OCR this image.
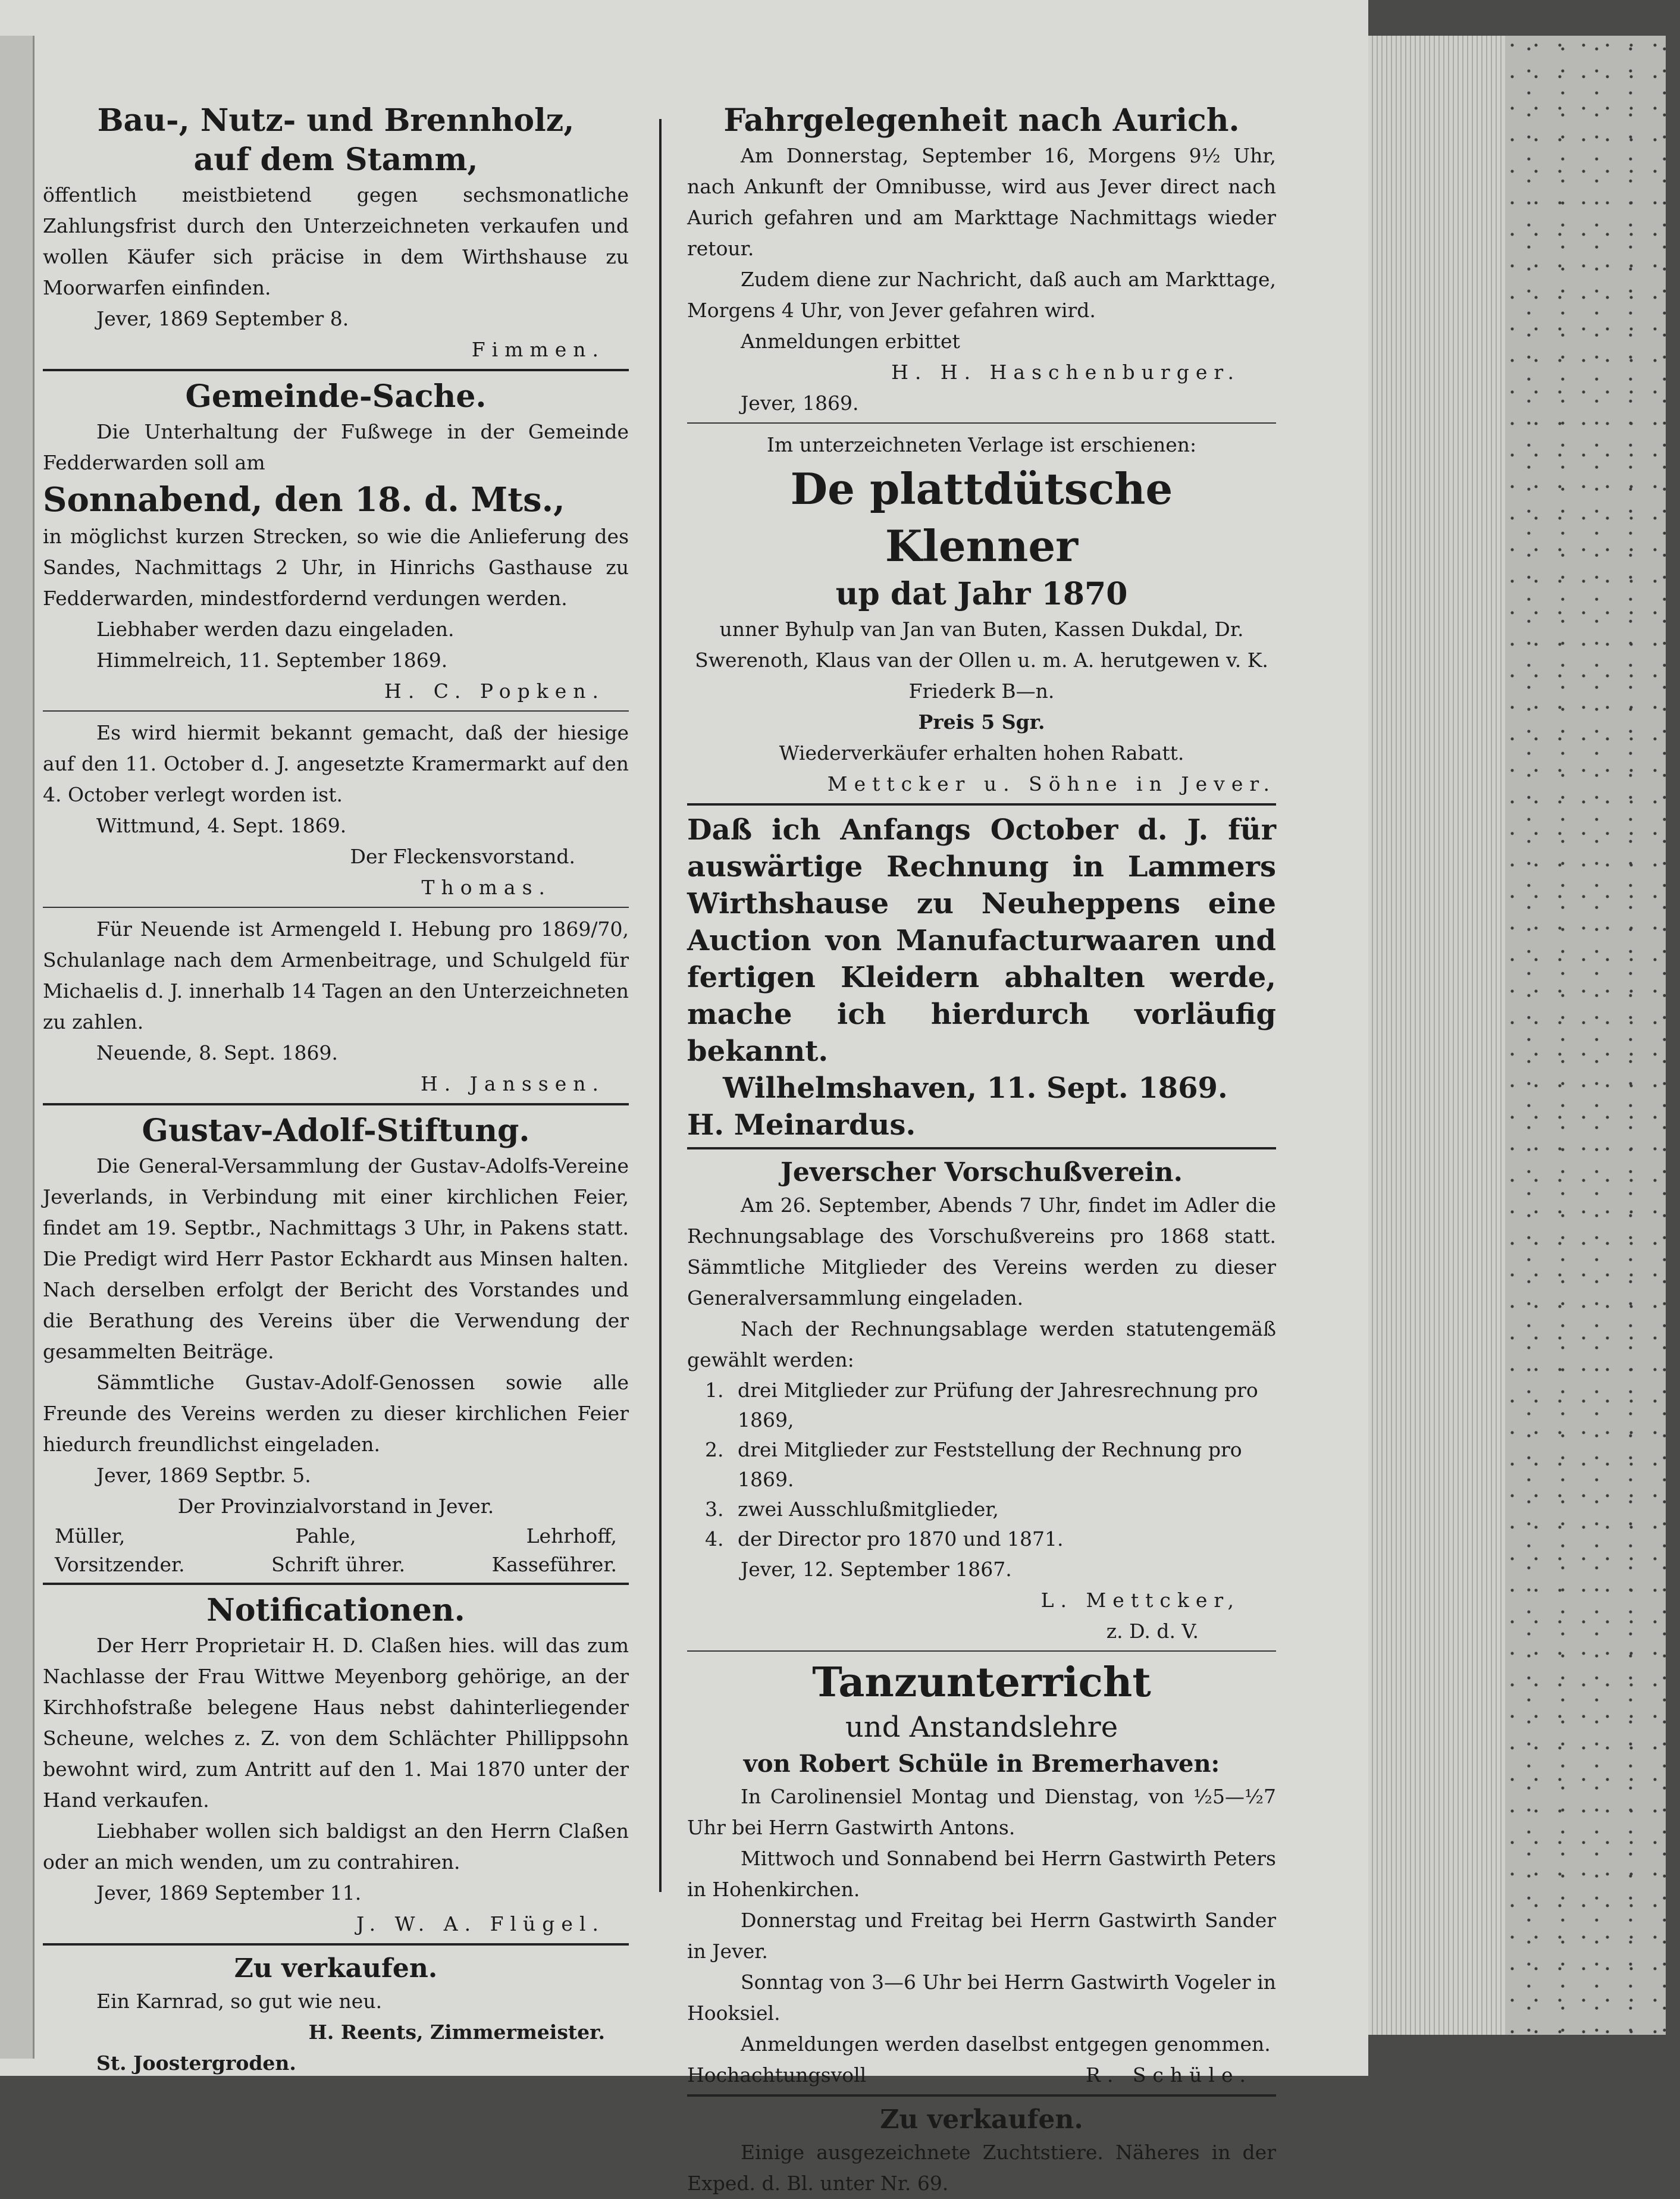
Bau-, Nutz- und Brennholz,

auf dem Stamm,

öffentlich meistbietend gegen sechsmonatliche Zahlungsfrist durch den Unterzeichneten verkaufen und wollen Käufer sich präcise in dem Wirthshause zu Moorwarfen einfinden.

Jever, 1869 September 8.

Fimmen.

Gemeinde-Sache.

Die Unterhaltung der Fußwege in der Gemeinde Fedderwarden soll am

Sonnabend, den 18. d. Mts.,

in möglichst kurzen Strecken, so wie die Anlieferung des Sandes, Nachmittags 2 Uhr, in Hinrichs Gasthause zu Fedderwarden, mindestfordernd verdungen werden.

Liebhaber werden dazu eingeladen.

Himmelreich, 11. September 1869.

H. C. Popken.

Es wird hiermit bekannt gemacht, daß der hiesige auf den 11. October d. J. angesetzte Kramermarkt auf den 4. October verlegt worden ist.

Wittmund, 4. Sept. 1869.

Der Fleckensvorstand.

Thomas.

Für Neuende ist Armengeld I. Hebung pro 1869/70, Schulanlage nach dem Armenbeitrage, und Schulgeld für Michaelis d. J. innerhalb 14 Tagen an den Unterzeichneten zu zahlen.

Neuende, 8. Sept. 1869.

H. Janssen.

Gustav-Adolf-Stiftung.

Die General-Versammlung der Gustav-Adolfs-Vereine Jeverlands, in Verbindung mit einer kirchlichen Feier, findet am 19. Septbr., Nachmittags 3 Uhr, in Pakens statt. Die Predigt wird Herr Pastor Eckhardt aus Minsen halten. Nach derselben erfolgt der Bericht des Vorstandes und die Berathung des Vereins über die Verwendung der gesammelten Beiträge.

Sämmtliche Gustav-Adolf-Genossen sowie alle Freunde des Vereins werden zu dieser kirchlichen Feier hiedurch freundlichst eingeladen.

Jever, 1869 Septbr. 5.

Der Provinzialvorstand in Jever.

Müller,	Pahle,	Lehrhoff,
Vorsitzender.	Schrift ührer.	Kasseführer.

Notificationen.

Der Herr Proprietair H. D. Claßen hies. will das zum Nachlasse der Frau Wittwe Meyenborg gehörige, an der Kirchhofstraße belegene Haus nebst dahinterliegender Scheune, welches z. Z. von dem Schlächter Phillippsohn bewohnt wird, zum Antritt auf den 1. Mai 1870 unter der Hand verkaufen.

Liebhaber wollen sich baldigst an den Herrn Claßen oder an mich wenden, um zu contrahiren.

Jever, 1869 September 11.

J. W. A. Flügel.

Zu verkaufen.

Ein Karnrad, so gut wie neu.

H. Reents, Zimmermeister.

St. Joostergroden.

Fahrgelegenheit nach Aurich.

Am Donnerstag, September 16, Morgens 9½ Uhr, nach Ankunft der Omnibusse, wird aus Jever direct nach Aurich gefahren und am Markttage Nachmittags wieder retour.

Zudem diene zur Nachricht, daß auch am Markttage, Morgens 4 Uhr, von Jever gefahren wird.

Anmeldungen erbittet

H. H. Haschenburger.

Jever, 1869.

Im unterzeichneten Verlage ist erschienen:

De plattdütsche Klenner

up dat Jahr 1870

unner Byhulp van Jan van Buten, Kassen Dukdal, Dr. Swerenoth, Klaus van der Ollen u. m. A. herutgewen v. K. Friederk B—n.

Preis 5 Sgr.

Wiederverkäufer erhalten hohen Rabatt.

Mettcker u. Söhne in Jever.

Daß ich Anfangs October d. J. für auswärtige Rechnung in Lammers Wirthshause zu Neuheppens eine Auction von Manufacturwaaren und fertigen Kleidern abhalten werde, mache ich hierdurch vorläufig bekannt.

Wilhelmshaven, 11. Sept. 1869.

H. Meinardus.

Jeverscher Vorschußverein.

Am 26. September, Abends 7 Uhr, findet im Adler die Rechnungsablage des Vorschußvereins pro 1868 statt. Sämmtliche Mitglieder des Vereins werden zu dieser Generalversammlung eingeladen.

Nach der Rechnungsablage werden statutengemäß gewählt werden:

1. drei Mitglieder zur Prüfung der Jahresrechnung pro 1869,
2. drei Mitglieder zur Feststellung der Rechnung pro 1869.
3. zwei Ausschlußmitglieder,
4. der Director pro 1870 und 1871.

Jever, 12. September 1867.

L. Mettcker,

z. D. d. V.

Tanzunterricht

und Anstandslehre

von Robert Schüle in Bremerhaven:

In Carolinensiel Montag und Dienstag, von ½5—½7 Uhr bei Herrn Gastwirth Antons.

Mittwoch und Sonnabend bei Herrn Gastwirth Peters in Hohenkirchen.

Donnerstag und Freitag bei Herrn Gastwirth Sander in Jever.

Sonntag von 3—6 Uhr bei Herrn Gastwirth Vogeler in Hooksiel.

Anmeldungen werden daselbst entgegen genommen.

Hochachtungsvoll	R. Schüle.

Zu verkaufen.

Einige ausgezeichnete Zuchtstiere. Näheres in der Exped. d. Bl. unter Nr. 69.
